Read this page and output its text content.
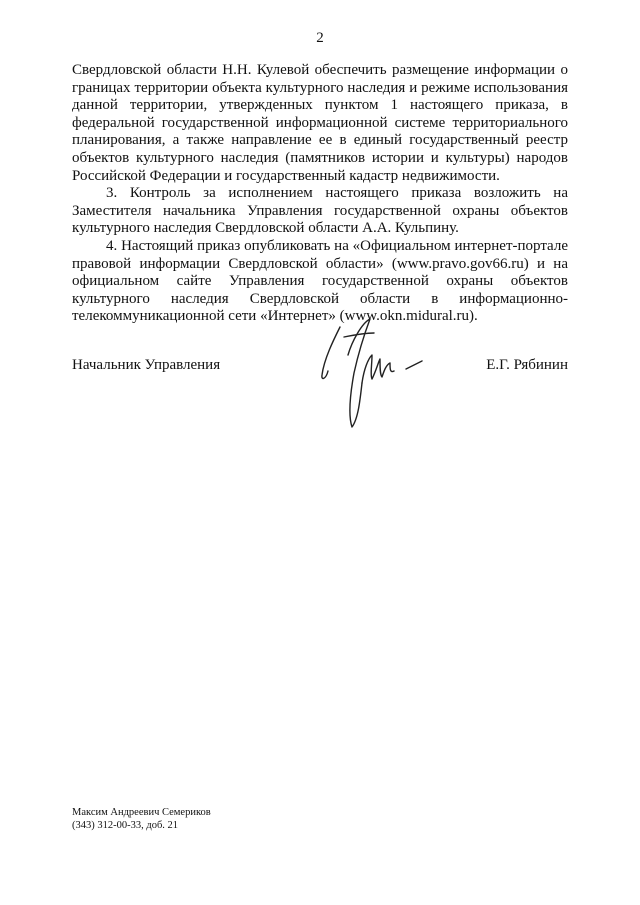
2

Свердловской области Н.Н. Кулевой обеспечить размещение информации о границах территории объекта культурного наследия и режиме использования данной территории, утвержденных пунктом 1 настоящего приказа, в федеральной государственной информационной системе территориального планирования, а также направление ее в единый государственный реестр объектов культурного наследия (памятников истории и культуры) народов Российской Федерации и государственный кадастр недвижимости.

3. Контроль за исполнением настоящего приказа возложить на Заместителя начальника Управления государственной охраны объектов культурного наследия Свердловской области А.А. Кульпину.

4. Настоящий приказ опубликовать на «Официальном интернет-портале правовой информации Свердловской области» (www.pravo.gov66.ru) и на официальном сайте Управления государственной охраны объектов культурного наследия Свердловской области в информационно-телекоммуникационной сети «Интернет» (www.okn.midural.ru).

Начальник Управления	Е.Г. Рябинин
Максим Андреевич Семериков
(343) 312-00-33, доб. 21
